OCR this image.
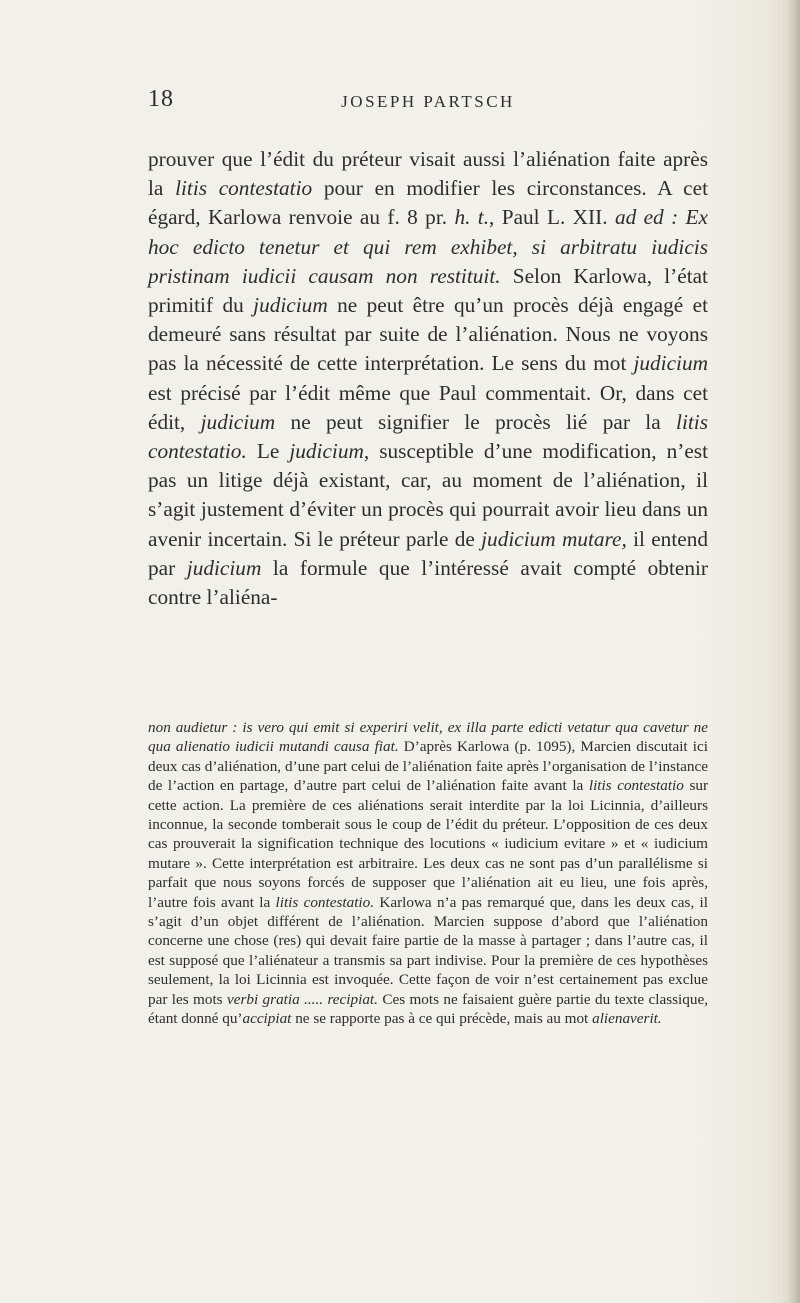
18	JOSEPH PARTSCH

prouver que l’édit du préteur visait aussi l’aliénation faite après la litis contestatio pour en modifier les circonstances. A cet égard, Karlowa renvoie au f. 8 pr. h. t., Paul L. XII. ad ed : Ex hoc edicto tenetur et qui rem exhibet, si arbitratu iudicis pristinam iudicii causam non restituit. Selon Karlowa, l’état primitif du judicium ne peut être qu’un procès déjà engagé et demeuré sans résultat par suite de l’aliénation. Nous ne voyons pas la nécessité de cette interprétation. Le sens du mot judicium est précisé par l’édit même que Paul commentait. Or, dans cet édit, judicium ne peut signifier le procès lié par la litis contestatio. Le judicium, susceptible d’une modification, n’est pas un litige déjà existant, car, au moment de l’aliénation, il s’agit justement d’éviter un procès qui pourrait avoir lieu dans un avenir incertain. Si le préteur parle de judicium mutare, il entend par judicium la formule que l’intéressé avait compté obtenir contre l’aliéna-

non audietur : is vero qui emit si experiri velit, ex illa parte edicti vetatur qua cavetur ne qua alienatio iudicii mutandi causa fiat. D’après Karlowa (p. 1095), Marcien discutait ici deux cas d’aliénation, d’une part celui de l’aliénation faite après l’organisation de l’instance de l’action en partage, d’autre part celui de l’aliénation faite avant la litis contestatio sur cette action. La première de ces aliénations serait interdite par la loi Licinnia, d’ailleurs inconnue, la seconde tomberait sous le coup de l’édit du préteur. L’opposition de ces deux cas prouverait la signification technique des locutions « iudicium evitare » et « iudicium mutare ». Cette interprétation est arbitraire. Les deux cas ne sont pas d’un parallélisme si parfait que nous soyons forcés de supposer que l’aliénation ait eu lieu, une fois après, l’autre fois avant la litis contestatio. Karlowa n’a pas remarqué que, dans les deux cas, il s’agit d’un objet différent de l’aliénation. Marcien suppose d’abord que l’aliénation concerne une chose (res) qui devait faire partie de la masse à partager ; dans l’autre cas, il est supposé que l’aliénateur a transmis sa part indivise. Pour la première de ces hypothèses seulement, la loi Licinnia est invoquée. Cette façon de voir n’est certainement pas exclue par les mots verbi gratia ..... recipiat. Ces mots ne faisaient guère partie du texte classique, étant donné qu’accipiat ne se rapporte pas à ce qui précède, mais au mot alienaverit.
